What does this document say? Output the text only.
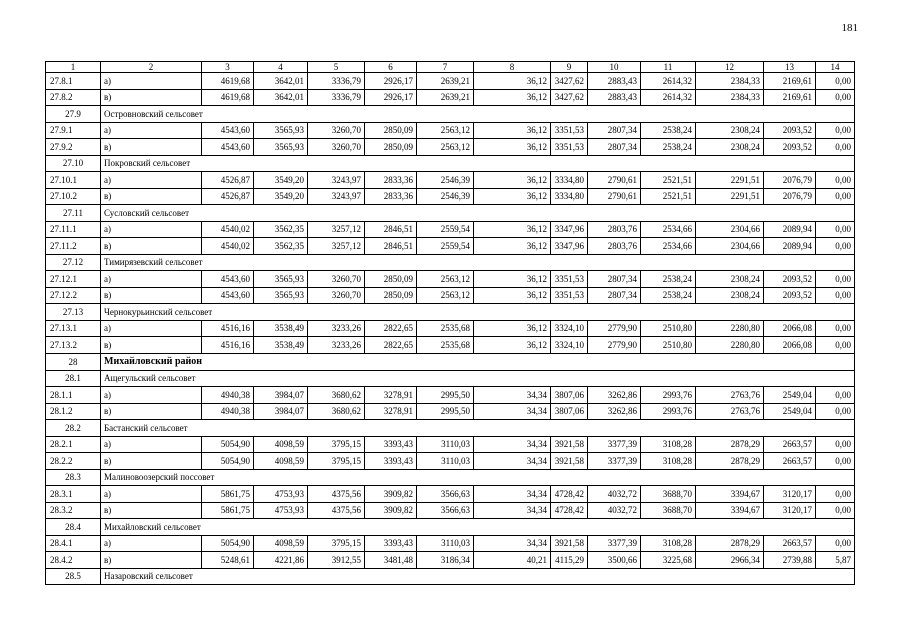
181
1	2	3	4	5	6	7	8	9	10	11	12	13	14
27.8.1	а)	4619,68	3642,01	3336,79	2926,17	2639,21	36,12	3427,62	2883,43	2614,32	2384,33	2169,61	0,00
27.8.2	в)	4619,68	3642,01	3336,79	2926,17	2639,21	36,12	3427,62	2883,43	2614,32	2384,33	2169,61	0,00
27.9	Островновский сельсовет												
27.9.1	а)	4543,60	3565,93	3260,70	2850,09	2563,12	36,12	3351,53	2807,34	2538,24	2308,24	2093,52	0,00
27.9.2	в)	4543,60	3565,93	3260,70	2850,09	2563,12	36,12	3351,53	2807,34	2538,24	2308,24	2093,52	0,00
27.10	Покровский сельсовет												
27.10.1	а)	4526,87	3549,20	3243,97	2833,36	2546,39	36,12	3334,80	2790,61	2521,51	2291,51	2076,79	0,00
27.10.2	в)	4526,87	3549,20	3243,97	2833,36	2546,39	36,12	3334,80	2790,61	2521,51	2291,51	2076,79	0,00
27.11	Сусловский сельсовет												
27.11.1	а)	4540,02	3562,35	3257,12	2846,51	2559,54	36,12	3347,96	2803,76	2534,66	2304,66	2089,94	0,00
27.11.2	в)	4540,02	3562,35	3257,12	2846,51	2559,54	36,12	3347,96	2803,76	2534,66	2304,66	2089,94	0,00
27.12	Тимирязевский сельсовет												
27.12.1	а)	4543,60	3565,93	3260,70	2850,09	2563,12	36,12	3351,53	2807,34	2538,24	2308,24	2093,52	0,00
27.12.2	в)	4543,60	3565,93	3260,70	2850,09	2563,12	36,12	3351,53	2807,34	2538,24	2308,24	2093,52	0,00
27.13	Чернокурьинский сельсовет												
27.13.1	а)	4516,16	3538,49	3233,26	2822,65	2535,68	36,12	3324,10	2779,90	2510,80	2280,80	2066,08	0,00
27.13.2	в)	4516,16	3538,49	3233,26	2822,65	2535,68	36,12	3324,10	2779,90	2510,80	2280,80	2066,08	0,00
28	Михайловский район												
28.1	Ащегульский сельсовет												
28.1.1	а)	4940,38	3984,07	3680,62	3278,91	2995,50	34,34	3807,06	3262,86	2993,76	2763,76	2549,04	0,00
28.1.2	в)	4940,38	3984,07	3680,62	3278,91	2995,50	34,34	3807,06	3262,86	2993,76	2763,76	2549,04	0,00
28.2	Бастанский сельсовет												
28.2.1	а)	5054,90	4098,59	3795,15	3393,43	3110,03	34,34	3921,58	3377,39	3108,28	2878,29	2663,57	0,00
28.2.2	в)	5054,90	4098,59	3795,15	3393,43	3110,03	34,34	3921,58	3377,39	3108,28	2878,29	2663,57	0,00
28.3	Малиновоозерский поссовет												
28.3.1	а)	5861,75	4753,93	4375,56	3909,82	3566,63	34,34	4728,42	4032,72	3688,70	3394,67	3120,17	0,00
28.3.2	в)	5861,75	4753,93	4375,56	3909,82	3566,63	34,34	4728,42	4032,72	3688,70	3394,67	3120,17	0,00
28.4	Михайловский сельсовет												
28.4.1	а)	5054,90	4098,59	3795,15	3393,43	3110,03	34,34	3921,58	3377,39	3108,28	2878,29	2663,57	0,00
28.4.2	в)	5248,61	4221,86	3912,55	3481,48	3186,34	40,21	4115,29	3500,66	3225,68	2966,34	2739,88	5,87
28.5	Назаровский сельсовет												
